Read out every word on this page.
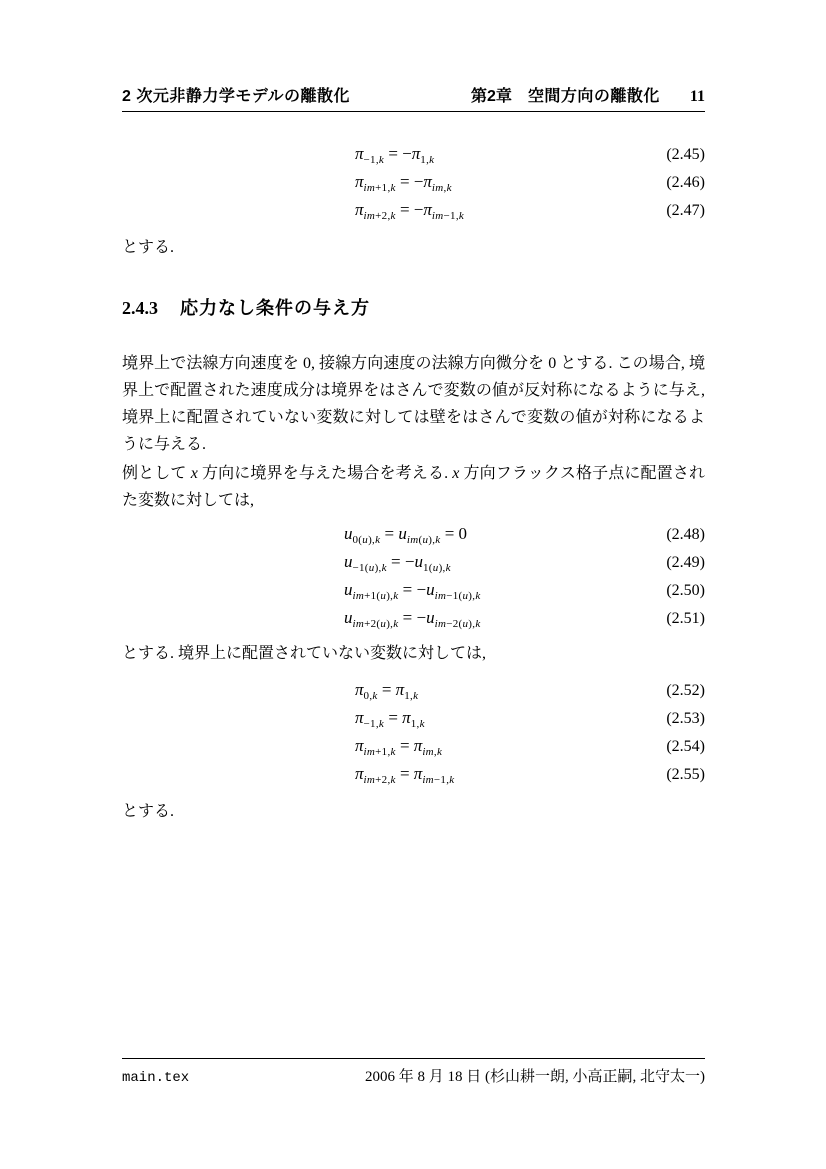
2 次元非静力学モデルの離散化	第2章 空間方向の離散化 11
$\pi_{-1,k} = -\pi_{1,k}$	(2.45)
$\pi_{im+1,k} = -\pi_{im,k}$	(2.46)
$\pi_{im+2,k} = -\pi_{im-1,k}$	(2.47)

とする.

2.4.3 応力なし条件の与え方

境界上で法線方向速度を 0, 接線方向速度の法線方向微分を 0 とする. この場合, 境界上で配置された速度成分は境界をはさんで変数の値が反対称になるように与え, 境界上に配置されていない変数に対しては壁をはさんで変数の値が対称になるように与える.

例として x 方向に境界を与えた場合を考える. x 方向フラックス格子点に配置された変数に対しては,

$u_{0(u),k} = u_{im(u),k} = 0$	(2.48)
$u_{-1(u),k} = -u_{1(u),k}$	(2.49)
$u_{im+1(u),k} = -u_{im-1(u),k}$	(2.50)
$u_{im+2(u),k} = -u_{im-2(u),k}$	(2.51)

とする. 境界上に配置されていない変数に対しては,

$\pi_{0,k} = \pi_{1,k}$	(2.52)
$\pi_{-1,k} = \pi_{1,k}$	(2.53)
$\pi_{im+1,k} = \pi_{im,k}$	(2.54)
$\pi_{im+2,k} = \pi_{im-1,k}$	(2.55)

とする.

main.tex	2006 年 8 月 18 日 (杉山耕一朗, 小高正嗣, 北守太一)
